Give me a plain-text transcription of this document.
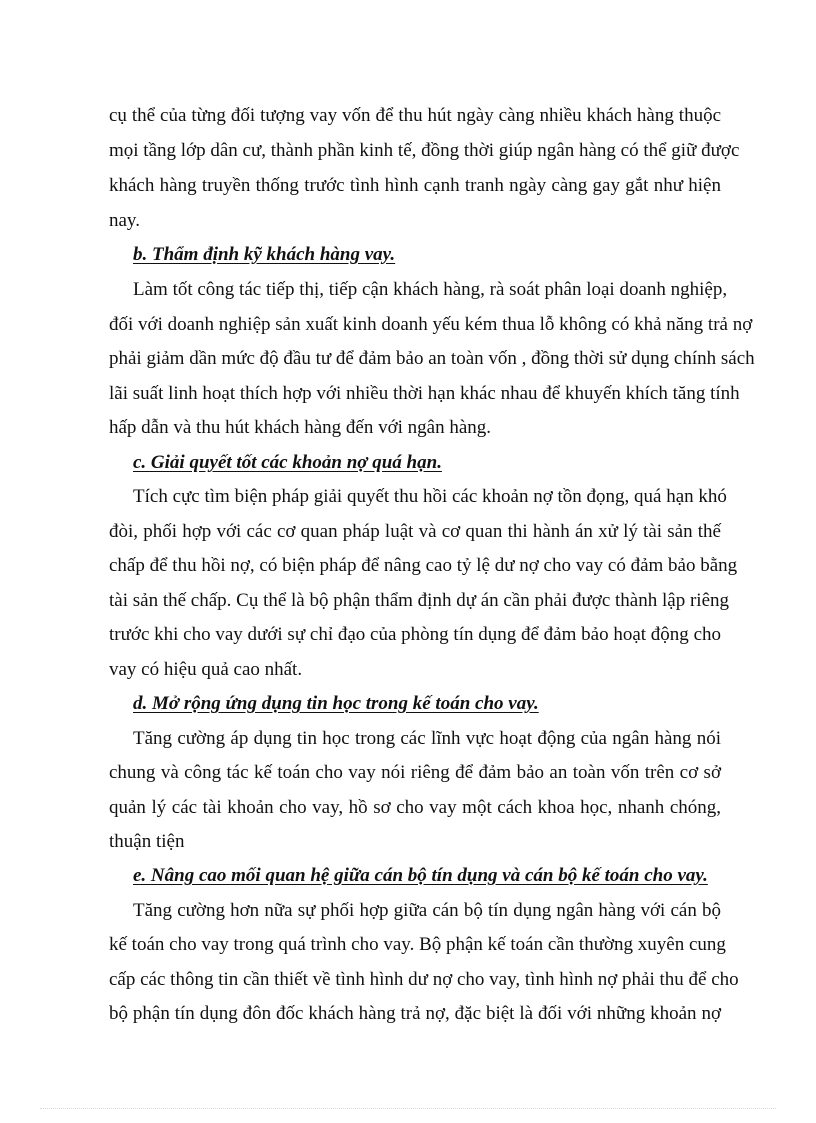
cụ thể của từng đối tượng vay vốn để thu hút ngày càng nhiều khách hàng thuộc
mọi tầng lớp dân cư, thành phần kinh tế, đồng thời giúp ngân hàng có thể giữ được
khách hàng truyền thống trước tình hình cạnh tranh ngày càng gay gắt như hiện
nay.
b. Thẩm định kỹ khách hàng vay.
Làm tốt công tác tiếp thị, tiếp cận khách hàng, rà soát phân loại doanh nghiệp,
đối với doanh nghiệp sản xuất kinh doanh yếu kém thua lỗ không có khả năng trả nợ
phải giảm dần mức độ đầu tư để đảm bảo an toàn vốn , đồng thời sử dụng chính sách
lãi suất linh hoạt thích hợp với nhiều thời hạn khác nhau để khuyến khích tăng tính
hấp dẫn và thu hút khách hàng đến với ngân hàng.
c. Giải quyết tốt các khoản nợ quá hạn.
Tích cực tìm biện pháp giải quyết thu hồi các khoản nợ tồn đọng, quá hạn khó
đòi, phối hợp với các cơ quan pháp luật và cơ quan thi hành án xử lý tài sản thế
chấp để thu hồi nợ, có biện pháp để nâng cao tỷ lệ dư nợ cho vay có đảm bảo bằng
tài sản thế chấp. Cụ thể là bộ phận thẩm định dự án cần phải được thành lập riêng
trước khi cho vay dưới sự chỉ đạo của phòng tín dụng để đảm bảo hoạt động cho
vay có hiệu quả cao nhất.
d. Mở rộng ứng dụng tin học trong kế toán cho vay.
Tăng cường áp dụng tin học trong các lĩnh vực hoạt động của ngân hàng nói
chung và công tác kế toán cho vay nói riêng để đảm bảo an toàn vốn trên cơ sở
quản lý các tài khoản cho vay, hồ sơ cho vay một cách khoa học, nhanh chóng,
thuận tiện
e. Nâng cao mối quan hệ giữa cán bộ tín dụng và cán bộ kế toán cho vay.
Tăng cường hơn nữa sự phối hợp giữa cán bộ tín dụng ngân hàng với cán bộ
kế toán cho vay trong quá trình cho vay. Bộ phận kế toán cần thường xuyên cung
cấp các thông tin cần thiết về tình hình dư nợ cho vay, tình hình nợ phải thu để cho
bộ phận tín dụng đôn đốc khách hàng trả nợ, đặc biệt là đối với những khoản nợ
